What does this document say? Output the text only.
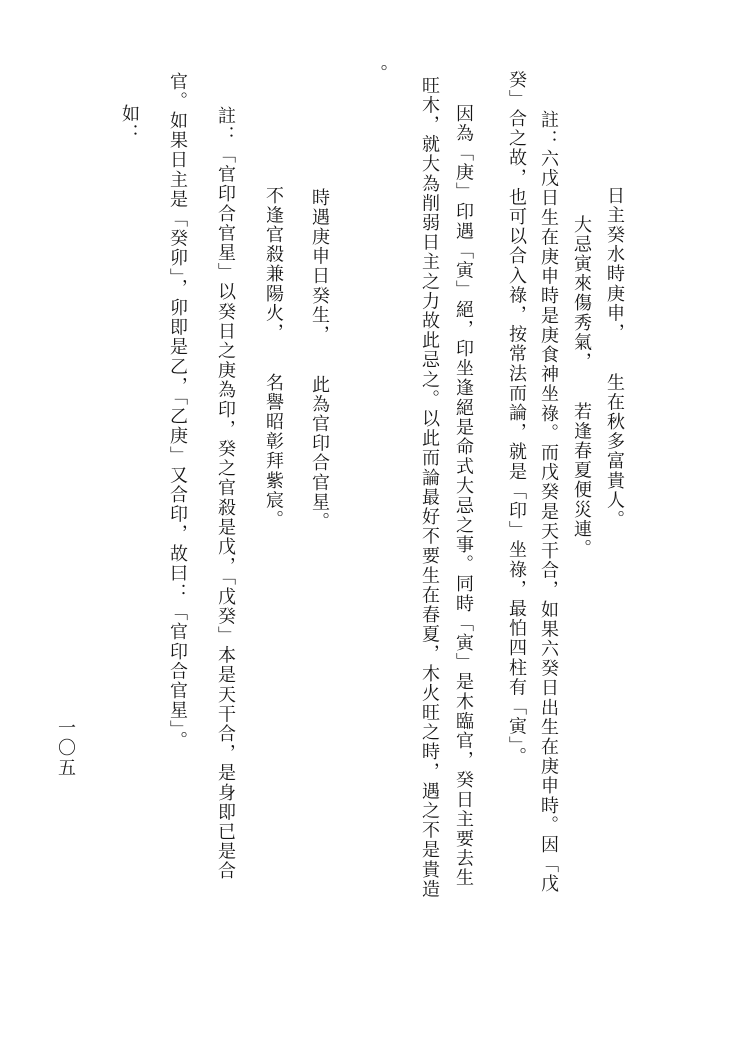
日主癸水時庚申，　　生在秋多富貴人。
大忌寅來傷秀氣，　　若逢春夏便災連。
註：六戊日生在庚申時是庚食神坐祿。而戊癸是天干合，如果六癸日出生在庚申時。因「戊
癸」合之故，也可以合入祿，按常法而論，就是「印」坐祿，最怕四柱有「寅」。
因為「庚」印遇「寅」絕，印坐逢絕是命式大忌之事。同時「寅」是木臨官，癸日主要去生
旺木，就大為削弱日主之力故此忌之。以此而論最好不要生在春夏，木火旺之時，遇之不是貴造
。
時遇庚申日癸生，　　此為官印合官星。
不逢官殺兼陽火，　　名譽昭彰拜紫宸。
註：「官印合官星」以癸日之庚為印，癸之官殺是戊，「戊癸」本是天干合，是身即已是合
官。如果日主是「癸卯」，卯即是乙，「乙庚」又合印，故曰：「官印合官星」。
如：
一〇五
